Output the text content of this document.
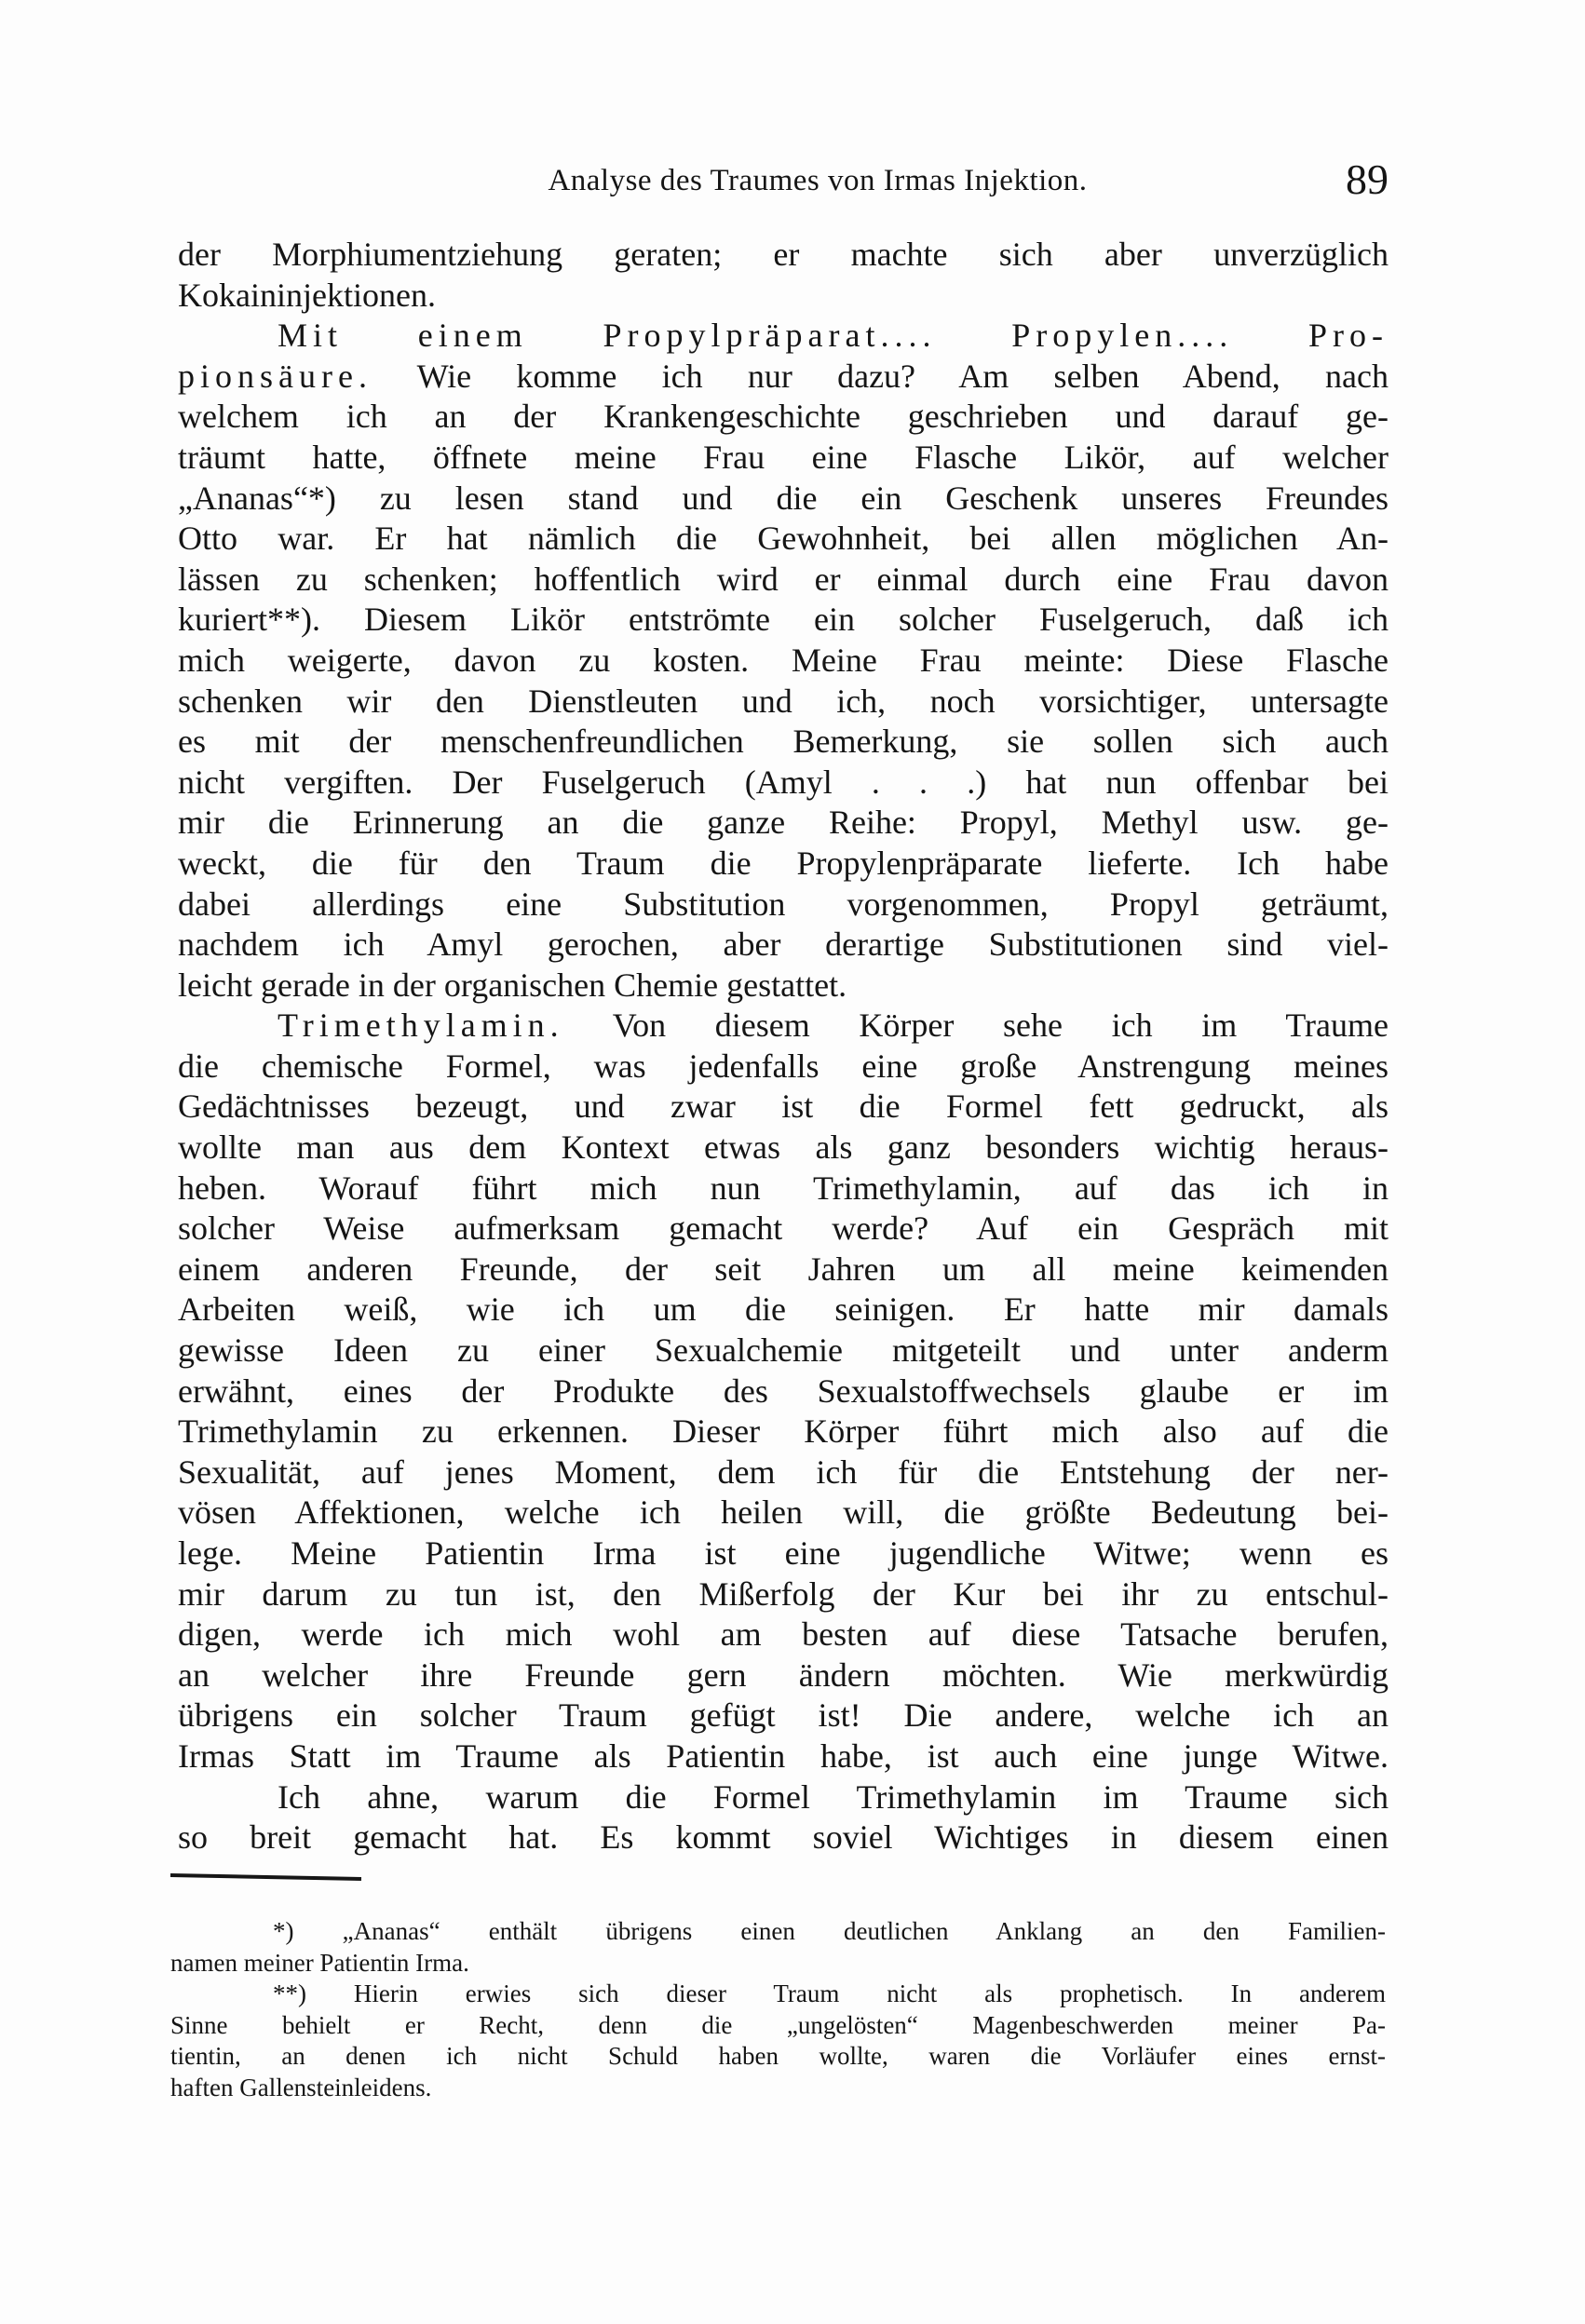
Analyse des Traumes von Irmas Injektion.	89
der Morphiumentziehung geraten; er machte sich aber unverzüglich
Kokaininjektionen.
Mit einem Propylpräparat.... Propylen.... Pro-
pionsäure. Wie komme ich nur dazu? Am selben Abend, nach
welchem ich an der Krankengeschichte geschrieben und darauf ge-
träumt hatte, öffnete meine Frau eine Flasche Likör, auf welcher
„Ananas“*) zu lesen stand und die ein Geschenk unseres Freundes
Otto war. Er hat nämlich die Gewohnheit, bei allen möglichen An-
lässen zu schenken; hoffentlich wird er einmal durch eine Frau davon
kuriert**). Diesem Likör entströmte ein solcher Fuselgeruch, daß ich
mich weigerte, davon zu kosten. Meine Frau meinte: Diese Flasche
schenken wir den Dienstleuten und ich, noch vorsichtiger, untersagte
es mit der menschenfreundlichen Bemerkung, sie sollen sich auch
nicht vergiften. Der Fuselgeruch (Amyl . . .) hat nun offenbar bei
mir die Erinnerung an die ganze Reihe: Propyl, Methyl usw. ge-
weckt, die für den Traum die Propylenpräparate lieferte. Ich habe
dabei allerdings eine Substitution vorgenommen, Propyl geträumt,
nachdem ich Amyl gerochen, aber derartige Substitutionen sind viel-
leicht gerade in der organischen Chemie gestattet.
Trimethylamin. Von diesem Körper sehe ich im Traume
die chemische Formel, was jedenfalls eine große Anstrengung meines
Gedächtnisses bezeugt, und zwar ist die Formel fett gedruckt, als
wollte man aus dem Kontext etwas als ganz besonders wichtig heraus-
heben. Worauf führt mich nun Trimethylamin, auf das ich in
solcher Weise aufmerksam gemacht werde? Auf ein Gespräch mit
einem anderen Freunde, der seit Jahren um all meine keimenden
Arbeiten weiß, wie ich um die seinigen. Er hatte mir damals
gewisse Ideen zu einer Sexualchemie mitgeteilt und unter anderm
erwähnt, eines der Produkte des Sexualstoffwechsels glaube er im
Trimethylamin zu erkennen. Dieser Körper führt mich also auf die
Sexualität, auf jenes Moment, dem ich für die Entstehung der ner-
vösen Affektionen, welche ich heilen will, die größte Bedeutung bei-
lege. Meine Patientin Irma ist eine jugendliche Witwe; wenn es
mir darum zu tun ist, den Mißerfolg der Kur bei ihr zu entschul-
digen, werde ich mich wohl am besten auf diese Tatsache berufen,
an welcher ihre Freunde gern ändern möchten. Wie merkwürdig
übrigens ein solcher Traum gefügt ist! Die andere, welche ich an
Irmas Statt im Traume als Patientin habe, ist auch eine junge Witwe.
Ich ahne, warum die Formel Trimethylamin im Traume sich
so breit gemacht hat. Es kommt soviel Wichtiges in diesem einen
*) „Ananas“ enthält übrigens einen deutlichen Anklang an den Familien-
namen meiner Patientin Irma.
**) Hierin erwies sich dieser Traum nicht als prophetisch. In anderem
Sinne behielt er Recht, denn die „ungelösten“ Magenbeschwerden meiner Pa-
tientin, an denen ich nicht Schuld haben wollte, waren die Vorläufer eines ernst-
haften Gallensteinleidens.
